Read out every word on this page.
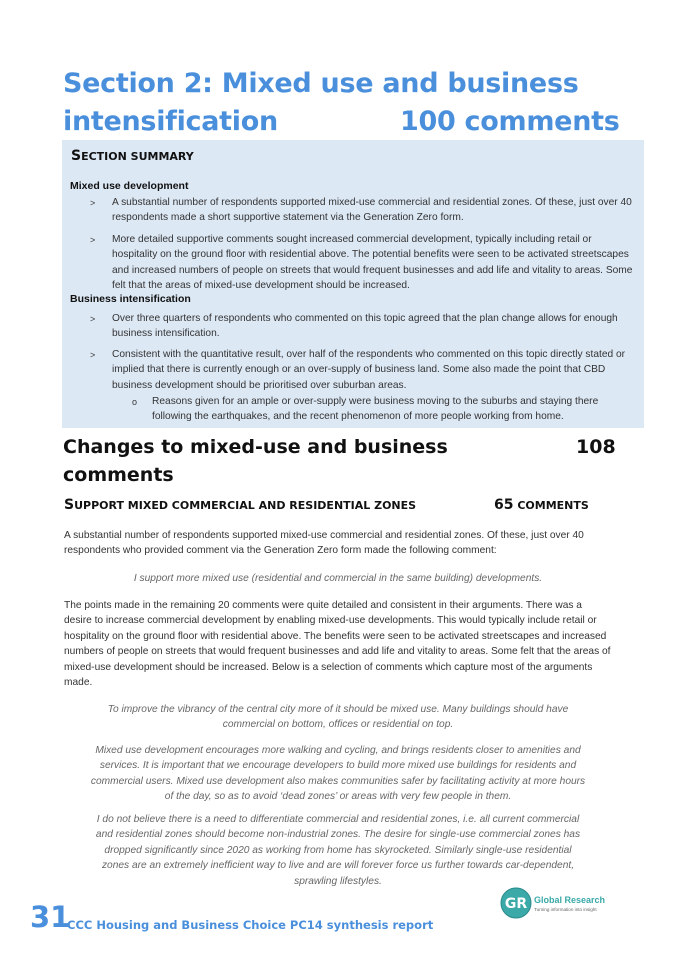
Section 2: Mixed use and business
intensification	100 comments
SECTION SUMMARY
Mixed use development
> A substantial number of respondents supported mixed-use commercial and residential zones. Of these, just over 40 respondents made a short supportive statement via the Generation Zero form.
> More detailed supportive comments sought increased commercial development, typically including retail or hospitality on the ground floor with residential above. The potential benefits were seen to be activated streetscapes and increased numbers of people on streets that would frequent businesses and add life and vitality to areas. Some felt that the areas of mixed-use development should be increased.
Business intensification
> Over three quarters of respondents who commented on this topic agreed that the plan change allows for enough business intensification.
> Consistent with the quantitative result, over half of the respondents who commented on this topic directly stated or implied that there is currently enough or an over-supply of business land. Some also made the point that CBD business development should be prioritised over suburban areas.
o Reasons given for an ample or over-supply were business moving to the suburbs and staying there following the earthquakes, and the recent phenomenon of more people working from home.
Changes to mixed-use and business
comments
108
SUPPORT MIXED COMMERCIAL AND RESIDENTIAL ZONES	65 COMMENTS
A substantial number of respondents supported mixed-use commercial and residential zones. Of these, just over 40 respondents who provided comment via the Generation Zero form made the following comment:
I support more mixed use (residential and commercial in the same building) developments.
The points made in the remaining 20 comments were quite detailed and consistent in their arguments. There was a desire to increase commercial development by enabling mixed-use developments. This would typically include retail or hospitality on the ground floor with residential above. The benefits were seen to be activated streetscapes and increased numbers of people on streets that would frequent businesses and add life and vitality to areas. Some felt that the areas of mixed-use development should be increased. Below is a selection of comments which capture most of the arguments made.
To improve the vibrancy of the central city more of it should be mixed use. Many buildings should have commercial on bottom, offices or residential on top.
Mixed use development encourages more walking and cycling, and brings residents closer to amenities and services. It is important that we encourage developers to build more mixed use buildings for residents and commercial users. Mixed use development also makes communities safer by facilitating activity at more hours of the day, so as to avoid ‘dead zones’ or areas with very few people in them.
I do not believe there is a need to differentiate commercial and residential zones, i.e. all current commercial and residential zones should become non-industrial zones. The desire for single-use commercial zones has dropped significantly since 2020 as working from home has skyrocketed. Similarly single-use residential zones are an extremely inefficient way to live and are will forever force us further towards car-dependent, sprawling lifestyles.
31
CCC Housing and Business Choice PC14 synthesis report
GR Global Research
Turning information into insight
